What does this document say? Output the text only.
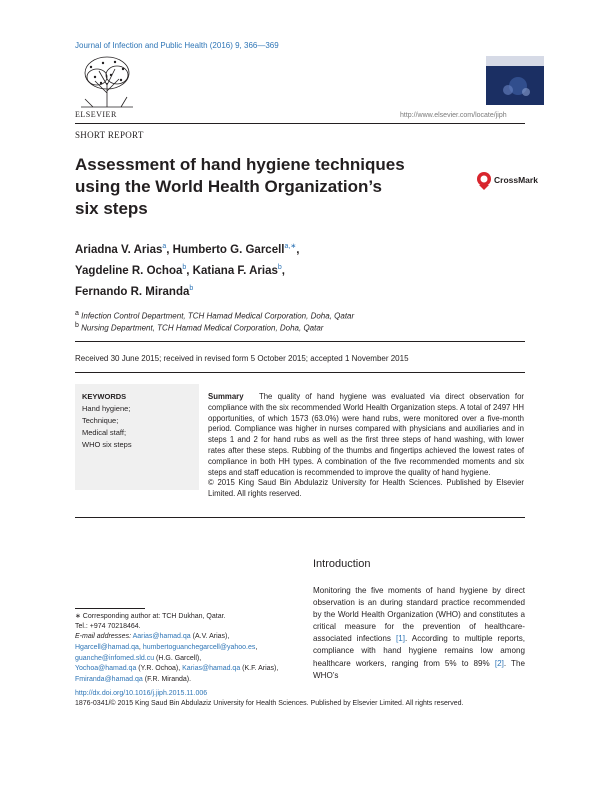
Journal of Infection and Public Health (2016) 9, 366—369
ELSEVIER	http://www.elsevier.com/locate/jiph
SHORT REPORT
Assessment of hand hygiene techniques using the World Health Organization’s six steps
CrossMark
Ariadna V. Arias$^a$, Humberto G. Garcell$^{a,∗}$,
Yagdeline R. Ochoa$^b$, Katiana F. Arias$^b$,
Fernando R. Miranda$^b$
a Infection Control Department, TCH Hamad Medical Corporation, Doha, Qatar
b Nursing Department, TCH Hamad Medical Corporation, Doha, Qatar
Received 30 June 2015; received in revised form 5 October 2015; accepted 1 November 2015
KEYWORDS
Hand hygiene;
Technique;
Medical staff;
WHO six steps
Summary The quality of hand hygiene was evaluated via direct observation for compliance with the six recommended World Health Organization steps. A total of 2497 HH opportunities, of which 1573 (63.0%) were hand rubs, were monitored over a five-month period. Compliance was higher in nurses compared with physicians and auxiliaries and in steps 1 and 2 for hand rubs as well as the first three steps of hand washing, with lower rates after these steps. Rubbing of the thumbs and fingertips achieved the lowest rates of compliance in both HH types. A combination of the five recommended moments and six steps and staff education is recommended to improve the quality of hand hygiene.
© 2015 King Saud Bin Abdulaziz University for Health Sciences. Published by Elsevier Limited. All rights reserved.
Introduction
Monitoring the five moments of hand hygiene by direct observation is an during standard practice recommended by the World Health Organization (WHO) and constitutes a critical measure for the prevention of healthcare-associated infections [1]. According to multiple reports, compliance with hand hygiene remains low among healthcare workers, ranging from 5% to 89% [2]. The WHO’s
∗ Corresponding author at: TCH Dukhan, Qatar.
Tel.: +974 70218464.
E-mail addresses: Aarias@hamad.qa (A.V. Arias),
Hgarcell@hamad.qa, humbertoguanchegarcell@yahoo.es,
guanche@infomed.sld.cu (H.G. Garcell),
Yochoa@hamad.qa (Y.R. Ochoa), Karias@hamad.qa (K.F. Arias),
Fmiranda@hamad.qa (F.R. Miranda).
http://dx.doi.org/10.1016/j.jiph.2015.11.006
1876-0341/© 2015 King Saud Bin Abdulaziz University for Health Sciences. Published by Elsevier Limited. All rights reserved.
